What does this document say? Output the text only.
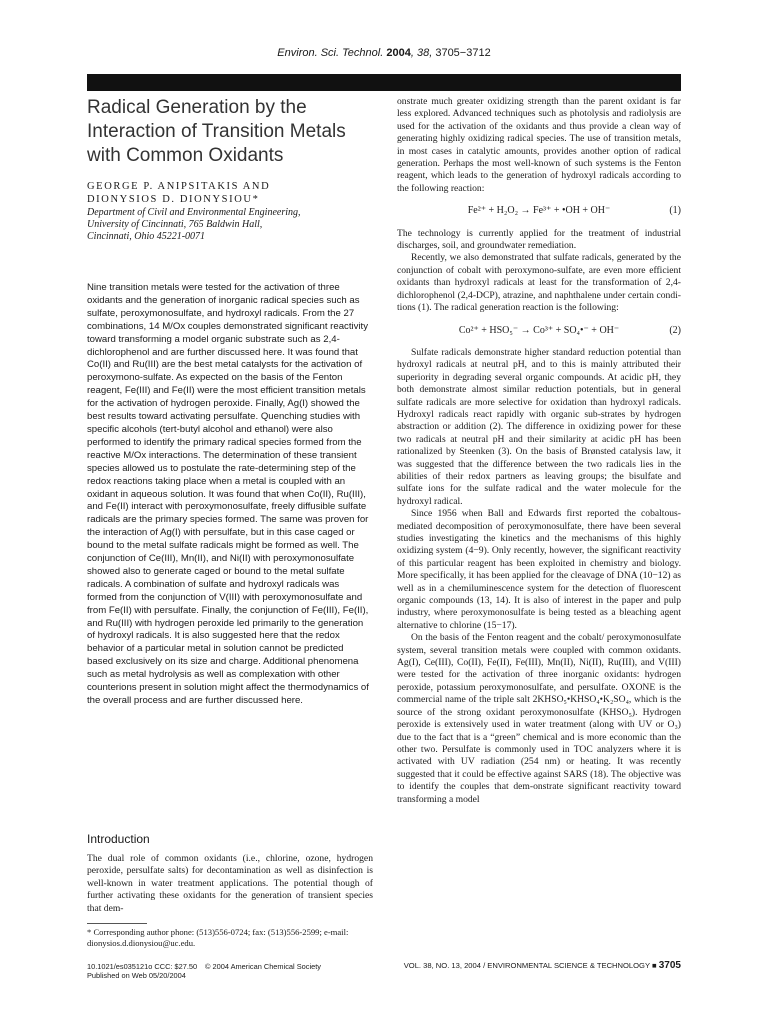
Environ. Sci. Technol. 2004, 38, 3705−3712
Radical Generation by the Interaction of Transition Metals with Common Oxidants
GEORGE P. ANIPSITAKIS AND
DIONYSIOS D. DIONYSIOU*
Department of Civil and Environmental Engineering,
University of Cincinnati, 765 Baldwin Hall,
Cincinnati, Ohio 45221-0071

Nine transition metals were tested for the activation of three oxidants and the generation of inorganic radical species such as sulfate, peroxymonosulfate, and hydroxyl radicals. From the 27 combinations, 14 M/Ox couples demonstrated significant reactivity toward transforming a model organic substrate such as 2,4-dichlorophenol and are further discussed here. It was found that Co(II) and Ru(III) are the best metal catalysts for the activation of peroxymono-sulfate. As expected on the basis of the Fenton reagent, Fe(III) and Fe(II) were the most efficient transition metals for the activation of hydrogen peroxide. Finally, Ag(I) showed the best results toward activating persulfate. Quenching studies with specific alcohols (tert-butyl alcohol and ethanol) were also performed to identify the primary radical species formed from the reactive M/Ox interactions. The determination of these transient species allowed us to postulate the rate-determining step of the redox reactions taking place when a metal is coupled with an oxidant in aqueous solution. It was found that when Co(II), Ru(III), and Fe(II) interact with peroxymonosulfate, freely diffusible sulfate radicals are the primary species formed. The same was proven for the interaction of Ag(I) with persulfate, but in this case caged or bound to the metal sulfate radicals might be formed as well. The conjunction of Ce(III), Mn(II), and Ni(II) with peroxymonosulfate showed also to generate caged or bound to the metal sulfate radicals. A combination of sulfate and hydroxyl radicals was formed from the conjunction of V(III) with peroxymonosulfate and from Fe(II) with persulfate. Finally, the conjunction of Fe(III), Fe(II), and Ru(III) with hydrogen peroxide led primarily to the generation of hydroxyl radicals. It is also suggested here that the redox behavior of a particular metal in solution cannot be predicted based exclusively on its size and charge. Additional phenomena such as metal hydrolysis as well as complexation with other counterions present in solution might affect the thermodynamics of the overall process and are further discussed here.

Introduction

The dual role of common oxidants (i.e., chlorine, ozone, hydrogen peroxide, persulfate salts) for decontamination as well as disinfection is well-known in water treatment applications. The potential though of further activating these oxidants for the generation of transient species that dem-

* Corresponding author phone: (513)556-0724; fax: (513)556-2599; e-mail: dionysios.d.dionysiou@uc.edu.

onstrate much greater oxidizing strength than the parent oxidant is far less explored. Advanced techniques such as photolysis and radiolysis are used for the activation of the oxidants and thus provide a clean way of generating highly oxidizing radical species. The use of transition metals, in most cases in catalytic amounts, provides another option of radical generation. Perhaps the most well-known of such systems is the Fenton reagent, which leads to the generation of hydroxyl radicals according to the following reaction:

Fe²⁺ + H₂O₂ → Fe³⁺ + •OH + OH⁻	(1)

The technology is currently applied for the treatment of industrial discharges, soil, and groundwater remediation.

Recently, we also demonstrated that sulfate radicals, generated by the conjunction of cobalt with peroxymono-sulfate, are even more efficient oxidants than hydroxyl radicals at least for the transformation of 2,4-dichlorophenol (2,4-DCP), atrazine, and naphthalene under certain condi-tions (1). The radical generation reaction is the following:

Co²⁺ + HSO₅⁻ → Co³⁺ + SO₄•⁻ + OH⁻	(2)

Sulfate radicals demonstrate higher standard reduction potential than hydroxyl radicals at neutral pH, and to this is mainly attributed their superiority in degrading several organic compounds. At acidic pH, they both demonstrate almost similar reduction potentials, but in general sulfate radicals are more selective for oxidation than hydroxyl radicals. Hydroxyl radicals react rapidly with organic sub-strates by hydrogen abstraction or addition (2). The difference in oxidizing power for these two radicals at neutral pH and their similarity at acidic pH has been rationalized by Steenken (3). On the basis of Brønsted catalysis law, it was suggested that the difference between the two radicals lies in the abilities of their redox partners as leaving groups; the bisulfate and sulfate ions for the sulfate radical and the water molecule for the hydroxyl radical.

Since 1956 when Ball and Edwards first reported the cobaltous-mediated decomposition of peroxymonosulfate, there have been several studies investigating the kinetics and the mechanisms of this highly oxidizing system (4−9). Only recently, however, the significant reactivity of this particular reagent has been exploited in chemistry and biology. More specifically, it has been applied for the cleavage of DNA (10−12) as well as in a chemiluminescence system for the detection of fluorescent organic compounds (13, 14). It is also of interest in the paper and pulp industry, where peroxymonosulfate is being tested as a bleaching agent alternative to chlorine (15−17).

On the basis of the Fenton reagent and the cobalt/ peroxymonosulfate system, several transition metals were coupled with common oxidants. Ag(I), Ce(III), Co(II), Fe(II), Fe(III), Mn(II), Ni(II), Ru(III), and V(III) were tested for the activation of three inorganic oxidants: hydrogen peroxide, potassium peroxymonosulfate, and persulfate. OXONE is the commercial name of the triple salt 2KHSO₅•KHSO₄•K₂SO₄, which is the source of the strong oxidant peroxymonosulfate (KHSO₅). Hydrogen peroxide is extensively used in water treatment (along with UV or O₃) due to the fact that is a “green” chemical and is more economic than the other two. Persulfate is commonly used in TOC analyzers where it is activated with UV radiation (254 nm) or heating. It was recently suggested that it could be effective against SARS (18). The objective was to identify the couples that dem-onstrate significant reactivity toward transforming a model

10.1021/es035121o CCC: $27.50
Published on Web 05/20/2004
© 2004 American Chemical Society	VOL. 38, NO. 13, 2004 / ENVIRONMENTAL SCIENCE & TECHNOLOGY ■ 3705
